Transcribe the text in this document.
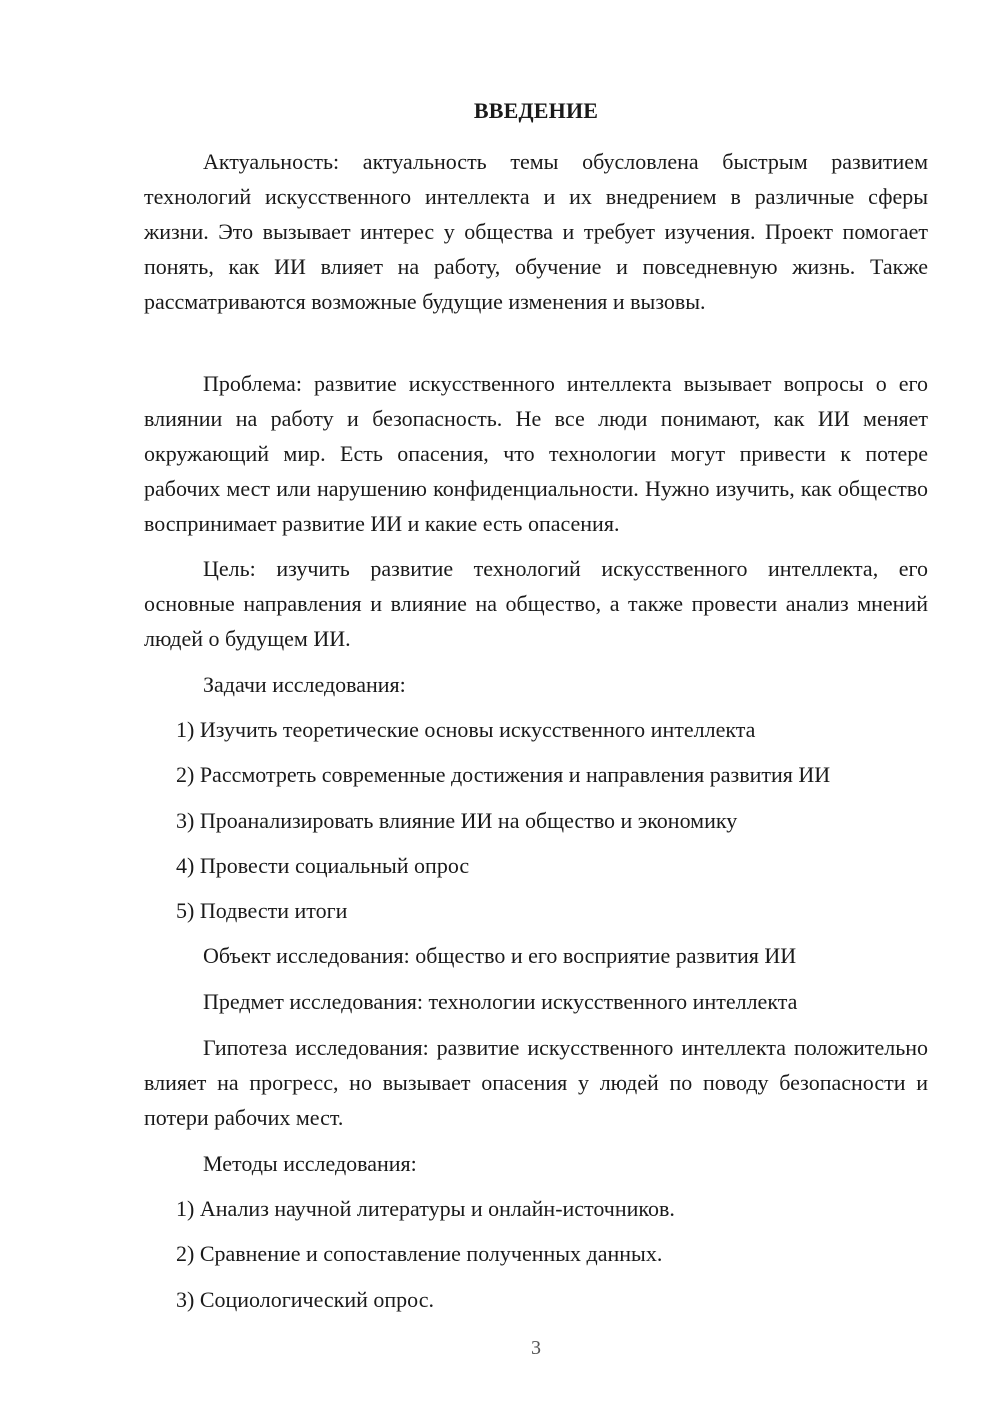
ВВЕДЕНИЕ
Актуальность: актуальность темы обусловлена быстрым развитием технологий искусственного интеллекта и их внедрением в различные сферы жизни. Это вызывает интерес у общества и требует изучения. Проект помогает понять, как ИИ влияет на работу, обучение и повседневную жизнь. Также рассматриваются возможные будущие изменения и вызовы.
Проблема: развитие искусственного интеллекта вызывает вопросы о его влиянии на работу и безопасность. Не все люди понимают, как ИИ меняет окружающий мир. Есть опасения, что технологии могут привести к потере рабочих мест или нарушению конфиденциальности. Нужно изучить, как общество воспринимает развитие ИИ и какие есть опасения.
Цель: изучить развитие технологий искусственного интеллекта, его основные направления и влияние на общество, а также провести анализ мнений людей о будущем ИИ.
Задачи исследования:
1) Изучить теоретические основы искусственного интеллекта
2) Рассмотреть современные достижения и направления развития ИИ
3) Проанализировать влияние ИИ на общество и экономику
4) Провести социальный опрос
5) Подвести итоги
Объект исследования: общество и его восприятие развития ИИ
Предмет исследования: технологии искусственного интеллекта
Гипотеза исследования: развитие искусственного интеллекта положительно влияет на прогресс, но вызывает опасения у людей по поводу безопасности и потери рабочих мест.
Методы исследования:
1) Анализ научной литературы и онлайн-источников.
2) Сравнение и сопоставление полученных данных.
3) Социологический опрос.
3
